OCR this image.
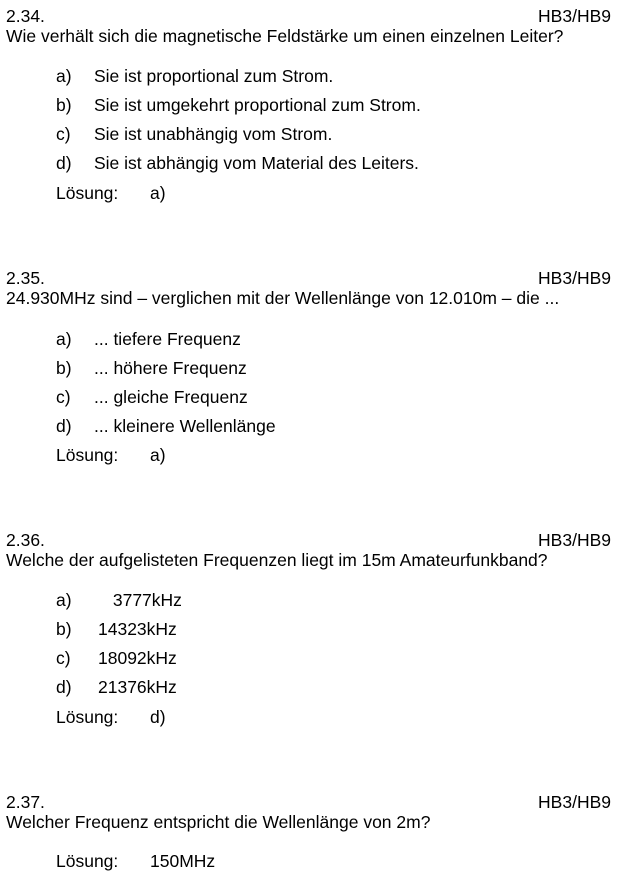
2.34.	HB3/HB9
Wie verhält sich die magnetische Feldstärke um einen einzelnen Leiter?
a) Sie ist proportional zum Strom.
b) Sie ist umgekehrt proportional zum Strom.
c) Sie ist unabhängig vom Strom.
d) Sie ist abhängig vom Material des Leiters.
Lösung: a)
2.35.	HB3/HB9
24.930MHz sind – verglichen mit der Wellenlänge von 12.010m – die ...
a) ... tiefere Frequenz
b) ... höhere Frequenz
c) ... gleiche Frequenz
d) ... kleinere Wellenlänge
Lösung: a)
2.36.	HB3/HB9
Welche der aufgelisteten Frequenzen liegt im 15m Amateurfunkband?
a) 3777kHz
b) 14323kHz
c) 18092kHz
d) 21376kHz
Lösung: d)
2.37.	HB3/HB9
Welcher Frequenz entspricht die Wellenlänge von 2m?
Lösung: 150MHz
